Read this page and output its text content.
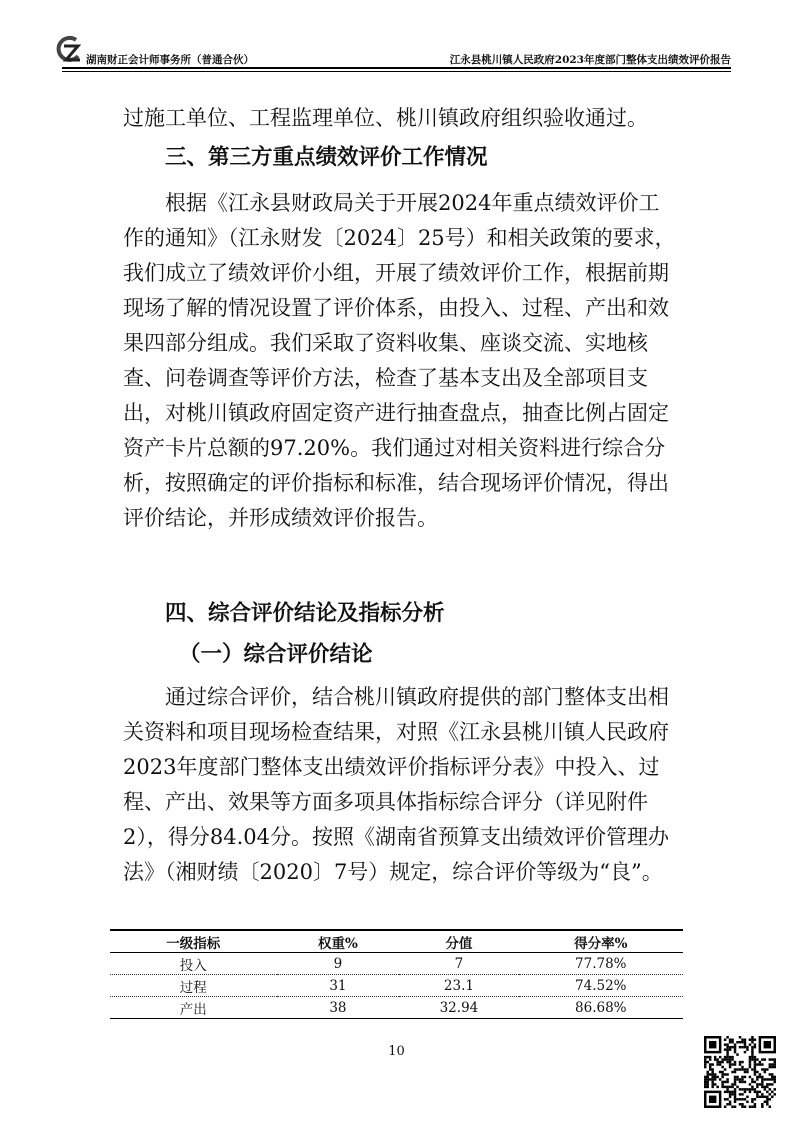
湖南财正会计师事务所（普通合伙）	江永县桃川镇人民政府2023年度部门整体支出绩效评价报告

过施工单位、工程监理单位、桃川镇政府组织验收通过。

三、第三方重点绩效评价工作情况

根据《江永县财政局关于开展2024年重点绩效评价工作的通知》（江永财发〔2024〕25号）和相关政策的要求，我们成立了绩效评价小组，开展了绩效评价工作，根据前期现场了解的情况设置了评价体系，由投入、过程、产出和效果四部分组成。我们采取了资料收集、座谈交流、实地核查、问卷调查等评价方法，检查了基本支出及全部项目支出，对桃川镇政府固定资产进行抽查盘点，抽查比例占固定资产卡片总额的97.20%。我们通过对相关资料进行综合分析，按照确定的评价指标和标准，结合现场评价情况，得出评价结论，并形成绩效评价报告。

四、综合评价结论及指标分析
（一）综合评价结论

通过综合评价，结合桃川镇政府提供的部门整体支出相关资料和项目现场检查结果，对照《江永县桃川镇人民政府2023年度部门整体支出绩效评价指标评分表》中投入、过程、产出、效果等方面多项具体指标综合评分（详见附件2），得分84.04分。按照《湖南省预算支出绩效评价管理办法》（湘财绩〔2020〕7号）规定，综合评价等级为“良”。

一级指标	权重%	分值	得分率%
投入	9	7	77.78%
过程	31	23.1	74.52%
产出	38	32.94	86.68%
10
